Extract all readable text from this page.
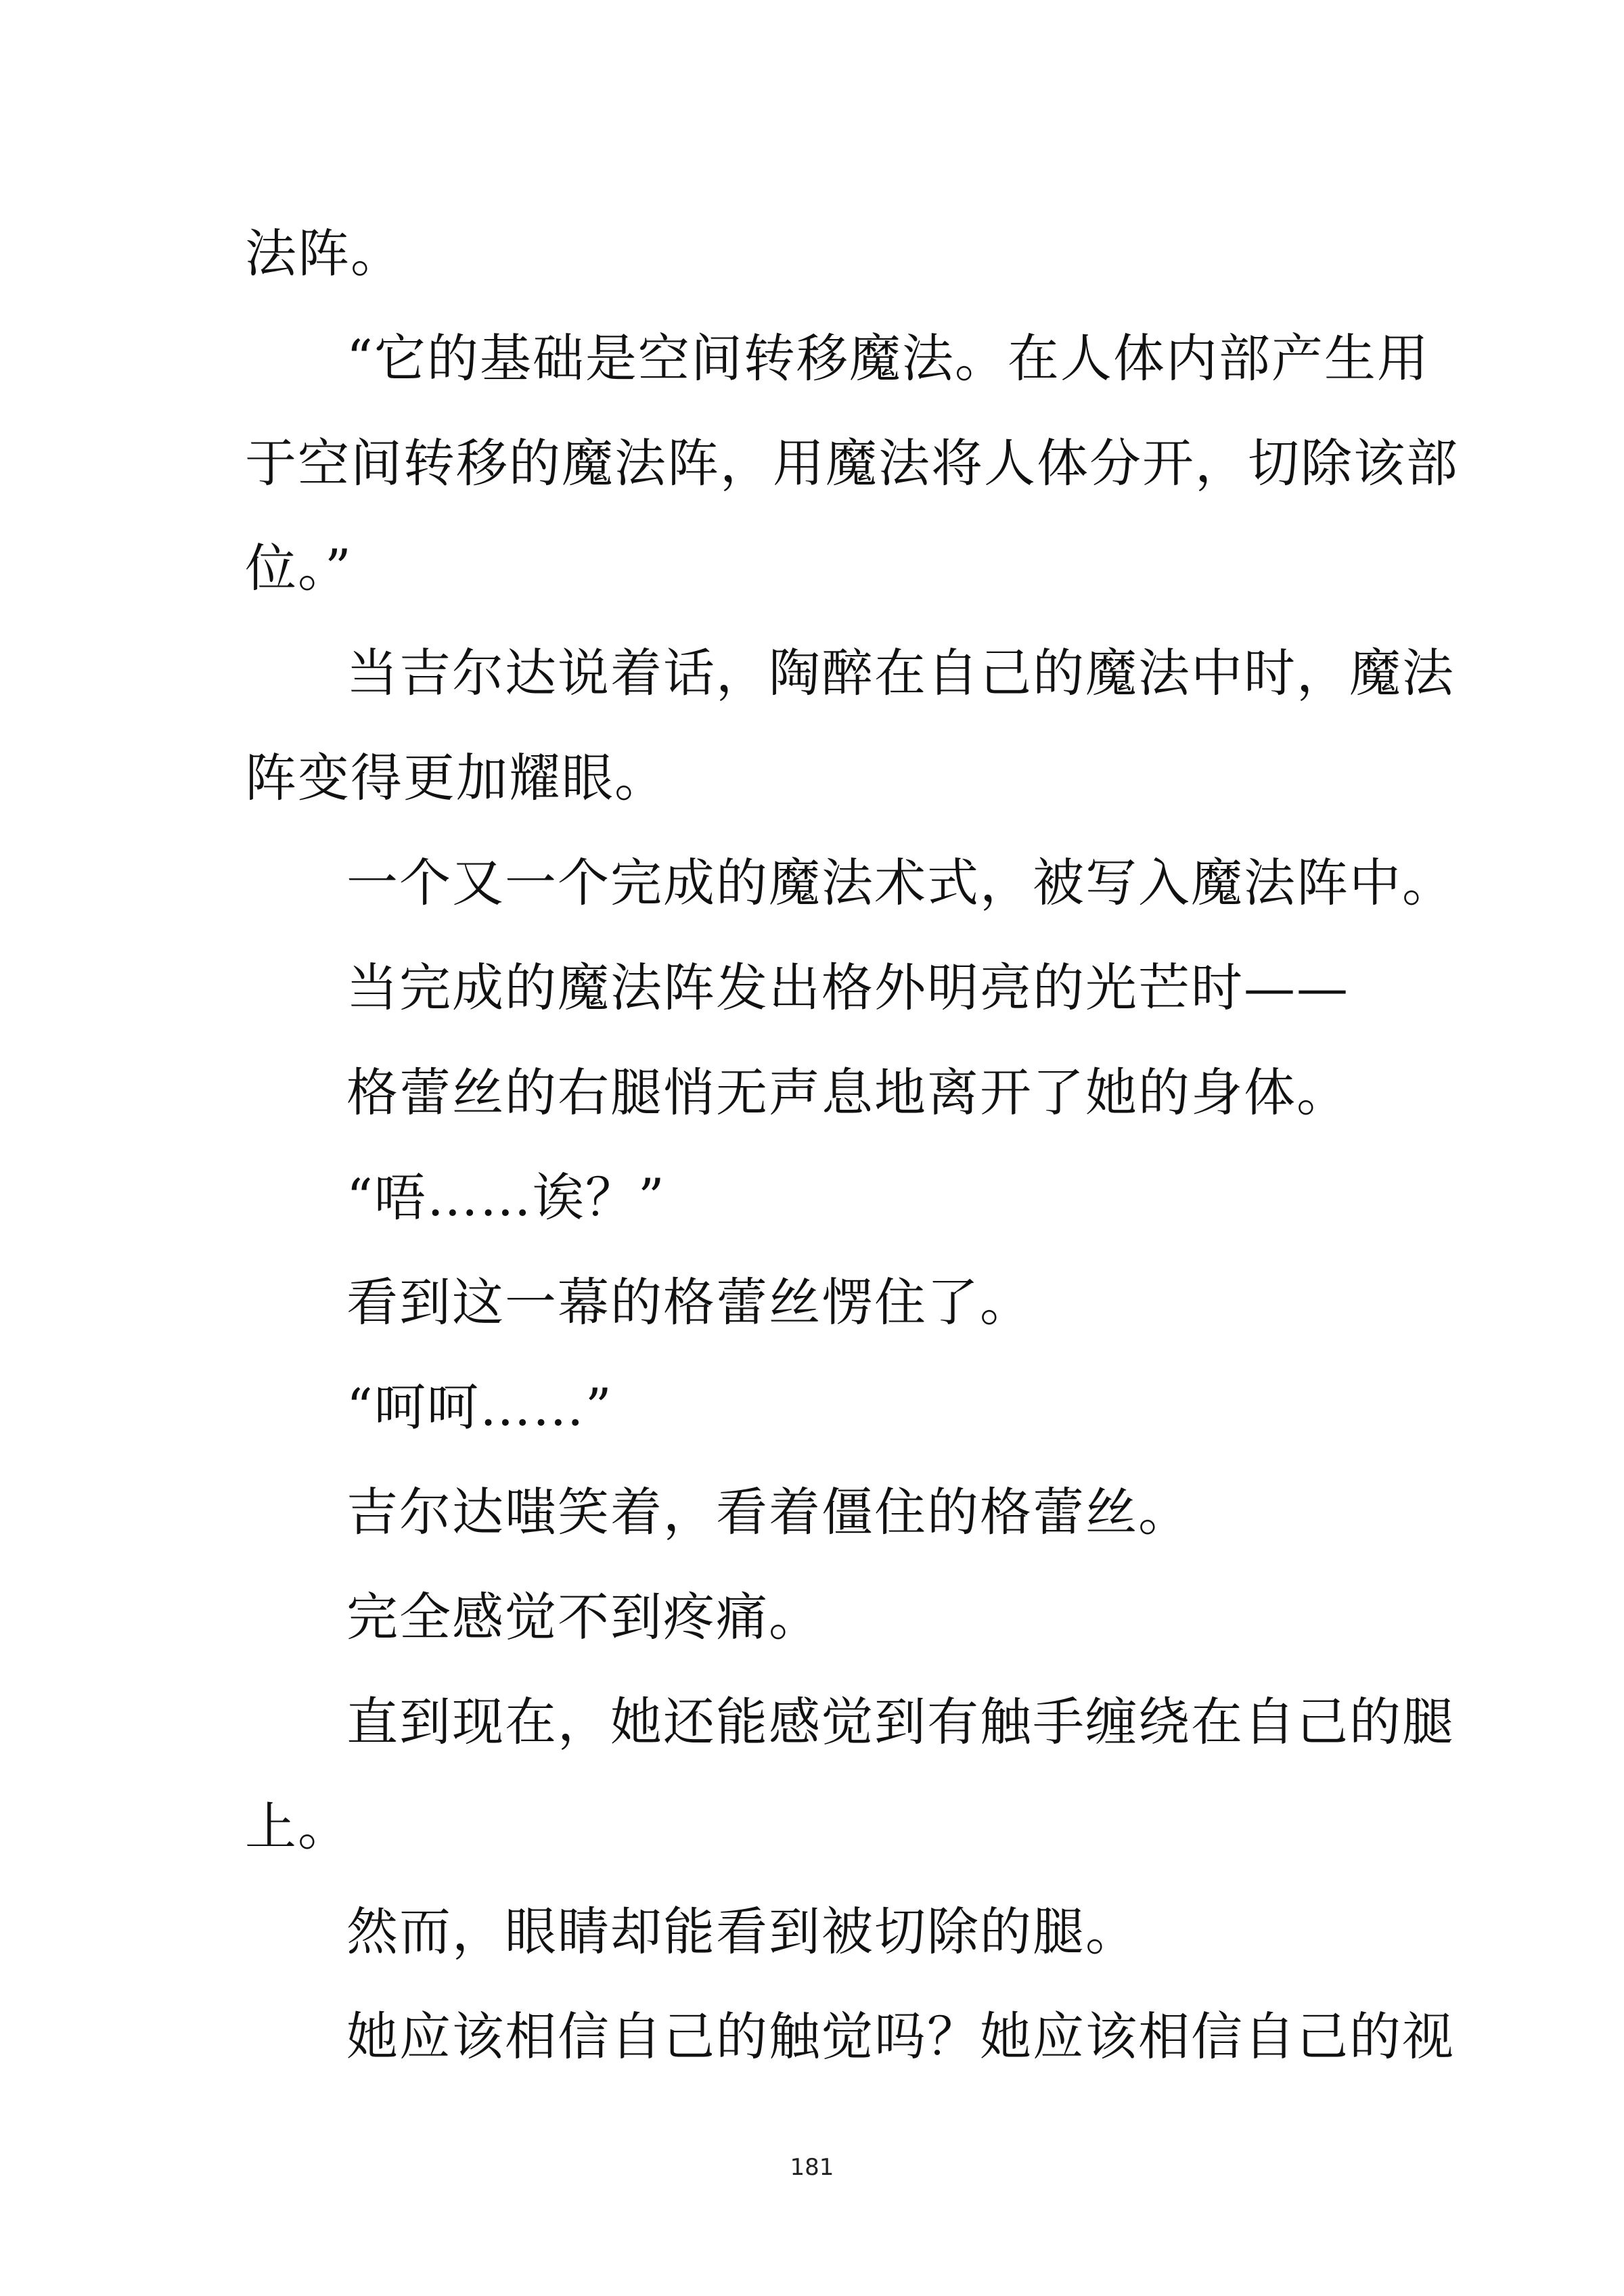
法阵。
“它的基础是空间转移魔法。在人体内部产生用
于空间转移的魔法阵，用魔法将人体分开，切除该部
位。”
当吉尔达说着话，陶醉在自己的魔法中时，魔法
阵变得更加耀眼。
一个又一个完成的魔法术式，被写入魔法阵中。
当完成的魔法阵发出格外明亮的光芒时——
格蕾丝的右腿悄无声息地离开了她的身体。
“唔……诶？”
看到这一幕的格蕾丝愣住了。
“呵呵……”
吉尔达嗤笑着，看着僵住的格蕾丝。
完全感觉不到疼痛。
直到现在，她还能感觉到有触手缠绕在自己的腿
上。
然而，眼睛却能看到被切除的腿。
她应该相信自己的触觉吗？她应该相信自己的视
181
